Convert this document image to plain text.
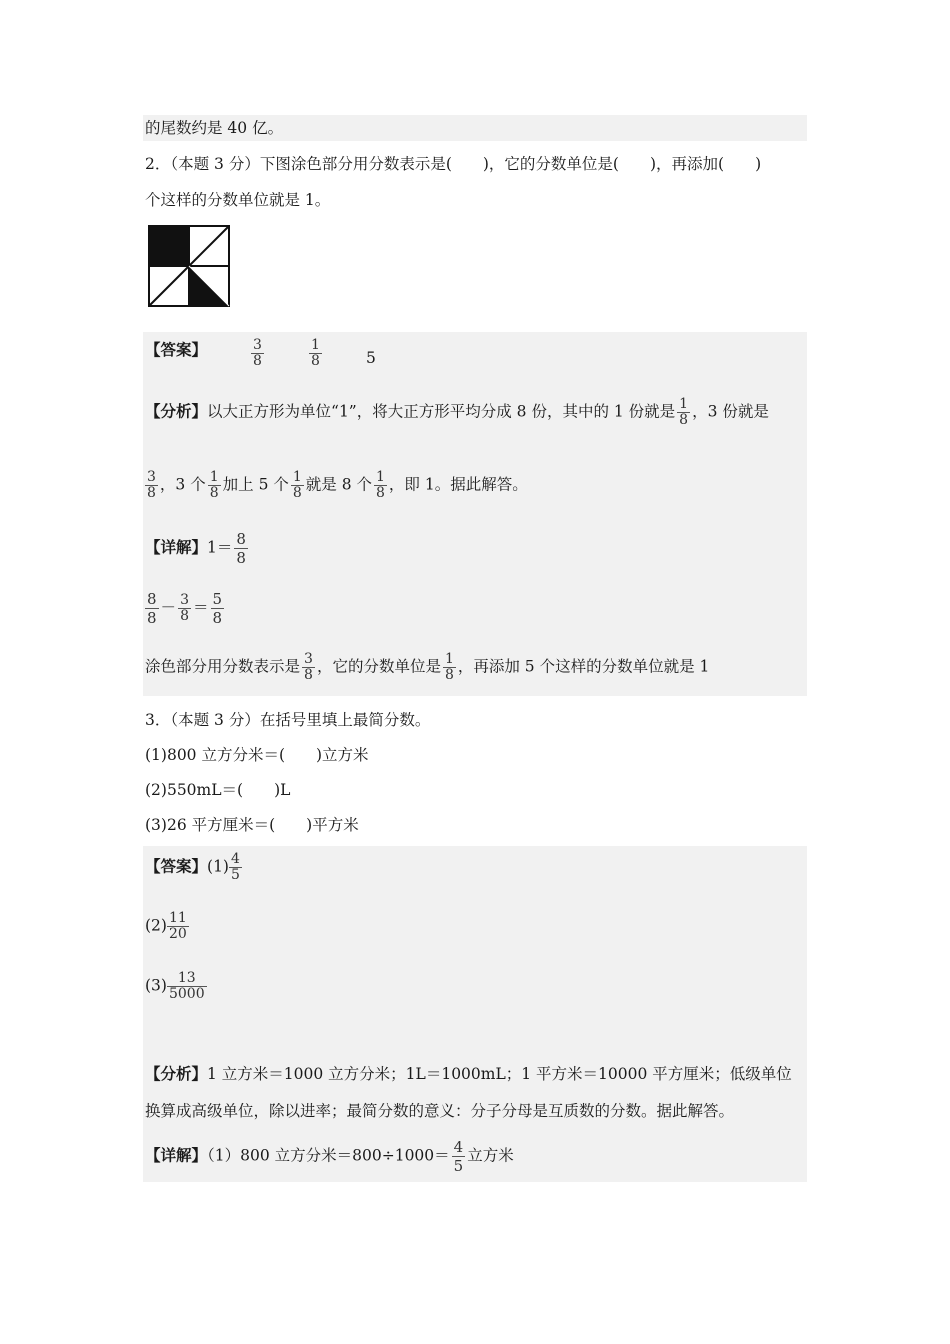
的尾数约是 40 亿。
2．（本题 3 分）下图涂色部分用分数表示是(　　)，它的分数单位是(　　)，再添加(　　)
个这样的分数单位就是 1。
【答案】	$\frac{3}{8}$	$\frac{1}{8}$	5
【分析】以大正方形为单位“1”，将大正方形平均分成 8 份，其中的 1 份就是 $\frac{1}{8}$ ，3 份就是
$\frac{3}{8}$ ，3 个 $\frac{1}{8}$ 加上 5 个 $\frac{1}{8}$ 就是 8 个 $\frac{1}{8}$ ，即 1。据此解答。
【详解】$1= \frac{8}{8}$
$\frac{8}{8} - \frac{3}{8} = \frac{5}{8}$
涂色部分用分数表示是 $\frac{3}{8}$ ，它的分数单位是 $\frac{1}{8}$ ，再添加 5 个这样的分数单位就是 1
3．（本题 3 分）在括号里填上最简分数。
(1)800 立方分米＝(　　)立方米
(2)550mL＝(　　)L
(3)26 平方厘米＝(　　)平方米
【答案】$(1) \frac{4}{5}$
$(2) \frac{11}{20}$
$(3) \frac{13}{5000}$
【分析】1 立方米＝1000 立方分米；1L＝1000mL；1 平方米＝10000 平方厘米；低级单位
换算成高级单位，除以进率；最简分数的意义：分子分母是互质数的分数。据此解答。
【详解】（1）800 立方分米$=800\div 1000= \frac{4}{5}$ 立方米
